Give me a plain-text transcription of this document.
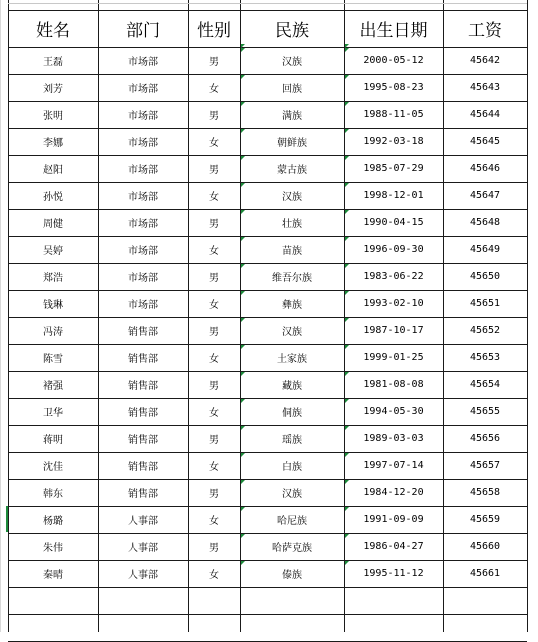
姓名	部门	性别	民族	出生日期	工资
王磊	市场部	男	汉族	2000-05-12	45642
刘芳	市场部	女	回族	1995-08-23	45643
张明	市场部	男	满族	1988-11-05	45644
李娜	市场部	女	朝鲜族	1992-03-18	45645
赵阳	市场部	男	蒙古族	1985-07-29	45646
孙悦	市场部	女	汉族	1998-12-01	45647
周健	市场部	男	壮族	1990-04-15	45648
吴婷	市场部	女	苗族	1996-09-30	45649
郑浩	市场部	男	维吾尔族	1983-06-22	45650
钱琳	市场部	女	彝族	1993-02-10	45651
冯涛	销售部	男	汉族	1987-10-17	45652
陈雪	销售部	女	土家族	1999-01-25	45653
褚强	销售部	男	藏族	1981-08-08	45654
卫华	销售部	女	侗族	1994-05-30	45655
蒋明	销售部	男	瑶族	1989-03-03	45656
沈佳	销售部	女	白族	1997-07-14	45657
韩东	销售部	男	汉族	1984-12-20	45658
杨璐	人事部	女	哈尼族	1991-09-09	45659
朱伟	人事部	男	哈萨克族	1986-04-27	45660
秦晴	人事部	女	傣族	1995-11-12	45661
